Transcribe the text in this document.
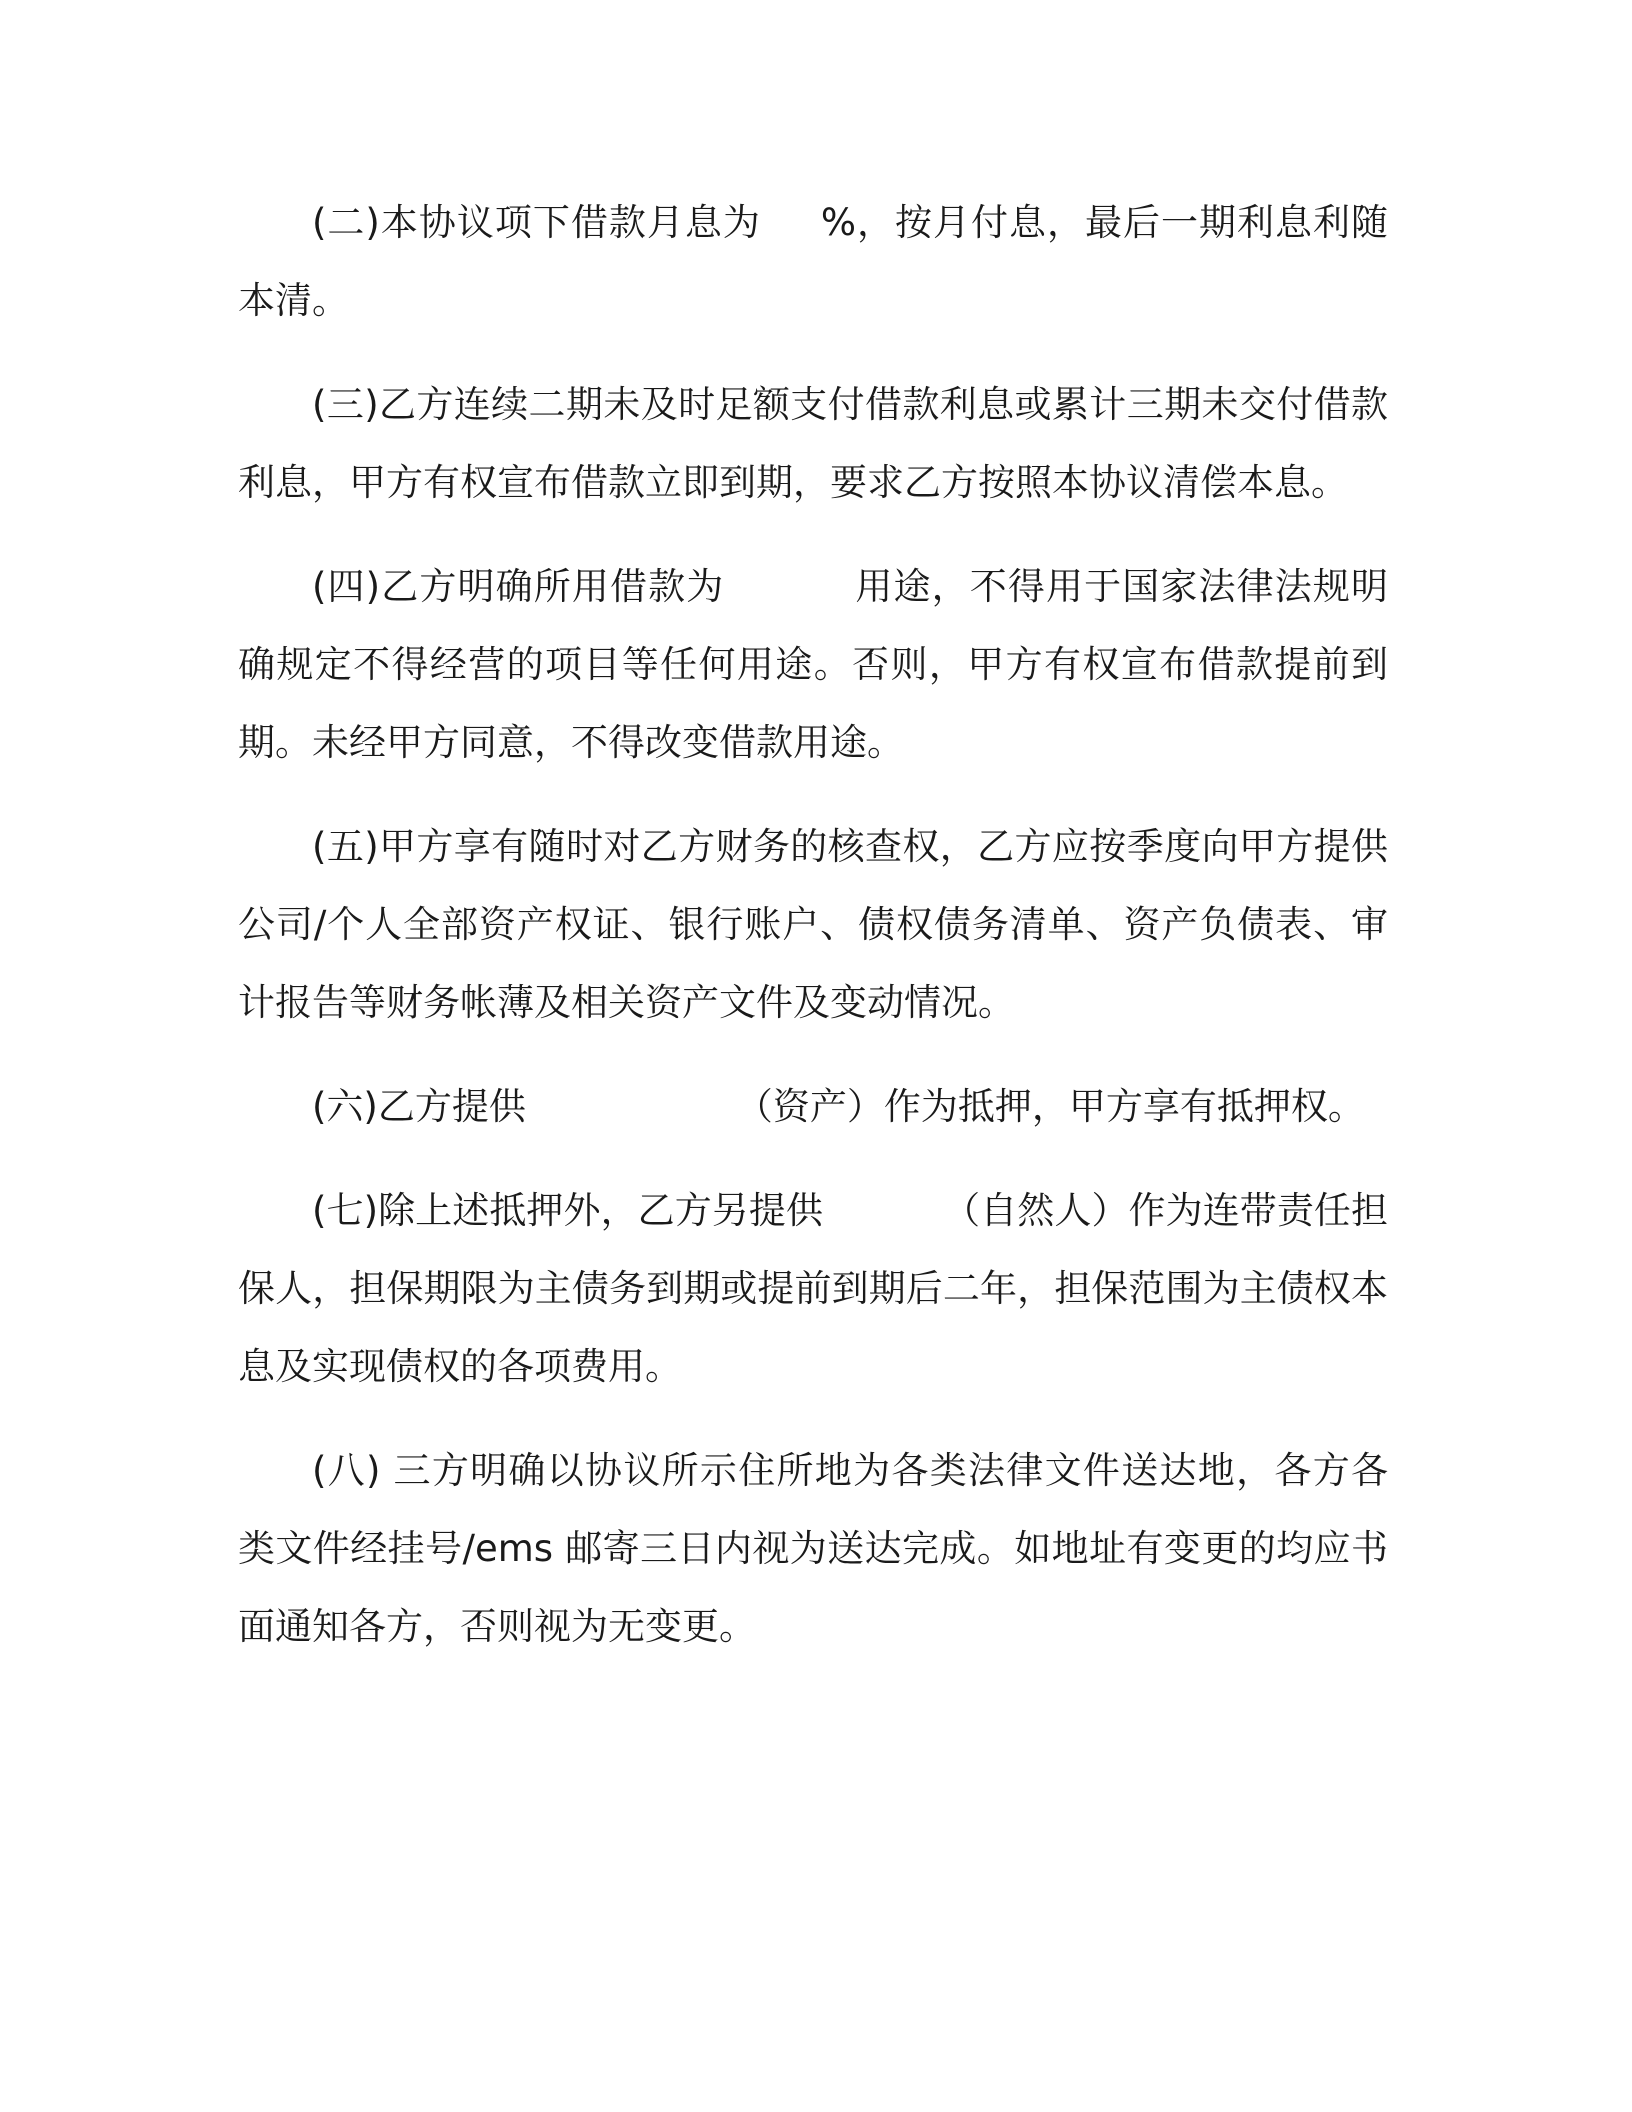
(二)本协议项下借款月息为 %，按月付息，最后一期利息利随本清。

(三)乙方连续二期未及时足额支付借款利息或累计三期未交付借款利息，甲方有权宣布借款立即到期，要求乙方按照本协议清偿本息。

(四)乙方明确所用借款为	用途，不得用于国家法律法规明确规定不得经营的项目等任何用途。否则，甲方有权宣布借款提前到期。未经甲方同意，不得改变借款用途。

(五)甲方享有随时对乙方财务的核查权，乙方应按季度向甲方提供公司/个人全部资产权证、银行账户、债权债务清单、资产负债表、审计报告等财务帐薄及相关资产文件及变动情况。

(六)乙方提供	（资产）作为抵押，甲方享有抵押权。

(七)除上述抵押外，乙方另提供	（自然人）作为连带责任担保人，担保期限为主债务到期或提前到期后二年，担保范围为主债权本息及实现债权的各项费用。

(八) 三方明确以协议所示住所地为各类法律文件送达地，各方各类文件经挂号/ems 邮寄三日内视为送达完成。如地址有变更的均应书面通知各方，否则视为无变更。
